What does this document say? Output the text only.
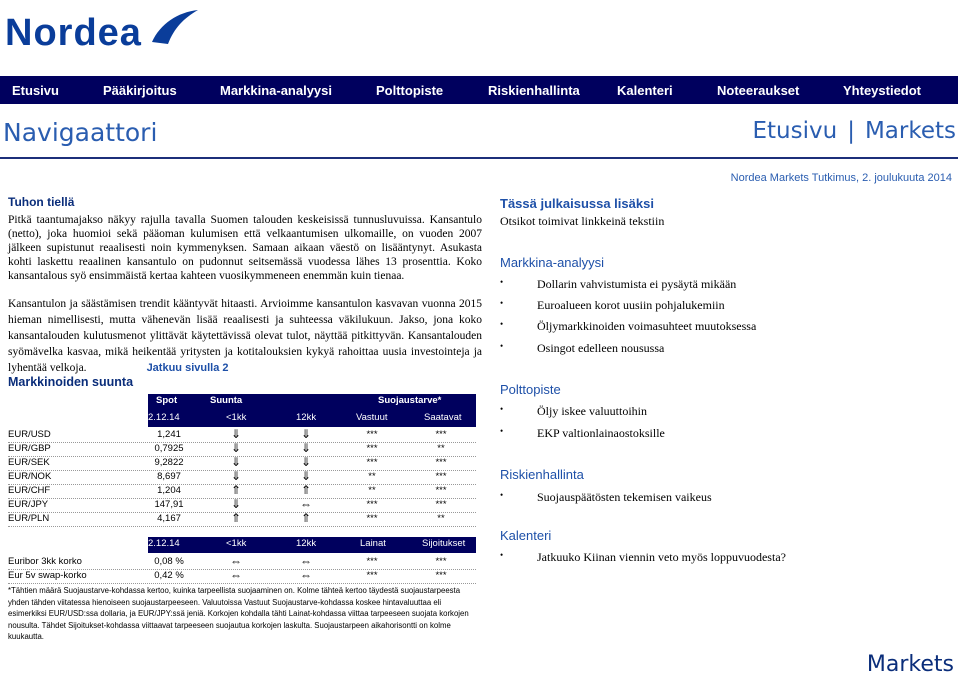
Nordea
Etusivu	Pääkirjoitus	Markkina-analyysi	Polttopiste	Riskienhallinta	Kalenteri	Noteeraukset	Yhteystiedot
Navigaattori	Etusivu | Markets
Nordea Markets Tutkimus, 2. joulukuuta 2014
Tuhon tiellä
Pitkä taantumajakso näkyy rajulla tavalla Suomen talouden keskeisissä tunnusluvuissa. Kansantulo (netto), joka huomioi sekä pääoman kulumisen että velkaantumisen ulkomaille, on vuoden 2007 jälkeen supistunut reaalisesti noin kymmenyksen. Samaan aikaan väestö on lisääntynyt. Asukasta kohti laskettu reaalinen kansantulo on pudonnut seitsemässä vuodessa lähes 13 prosenttia. Koko kansantalous syö ensimmäistä kertaa kahteen vuosikymmeneen enemmän kuin tienaa.
Kansantulon ja säästämisen trendit kääntyvät hitaasti. Arvioimme kansantulon kasvavan vuonna 2015 hieman nimellisesti, mutta vähenevän lisää reaalisesti ja suhteessa väkilukuun. Jakso, jona koko kansantalouden kulutusmenot ylittävät käytettävissä olevat tulot, näyttää pitkittyvän. Kansantalouden syömävelka kasvaa, mikä heikentää yritysten ja kotitalouksien kykyä rahoittaa uusia investointeja ja lyhentää velkoja.	Jatkuu sivulla 2
Markkinoiden suunta
Spot	Suunta	Suojaustarve*
2.12.14	<1kk	12kk	Vastuut	Saatavat
EUR/USD	1,241	⇓	⇓	***	***
EUR/GBP	0,7925	⇓	⇓	***	**
EUR/SEK	9,2822	⇓	⇓	***	***
EUR/NOK	8,697	⇓	⇓	**	***
EUR/CHF	1,204	⇑	⇑	**	***
EUR/JPY	147,91	⇓	⇔	***	***
EUR/PLN	4,167	⇑	⇑	***	**
2.12.14	<1kk	12kk	Lainat	Sijoitukset
Euribor 3kk korko	0,08 %	⇔	⇔	***	***
Eur 5v swap-korko	0,42 %	⇔	⇔	***	***
*Tähtien määrä Suojaustarve-kohdassa kertoo, kuinka tarpeellista suojaaminen on. Kolme tähteä kertoo täydestä suojaustarpeesta yhden tähden viitatessa hienoiseen suojaustarpeeseen. Valuutoissa Vastuut Suojaustarve-kohdassa koskee hintavaluuttaa eli esimerkiksi EUR/USD:ssa dollaria, ja EUR/JPY:ssä jeniä. Korkojen kohdalla tähti Lainat-kohdassa viittaa tarpeeseen suojata korkojen nousulta. Tähdet Sijoitukset-kohdassa viittaavat tarpeeseen suojautua korkojen laskulta. Suojaustarpeen aikahorisontti on kolme kuukautta.
Tässä julkaisussa lisäksi
Otsikot toimivat linkkeinä tekstiin
Markkina-analyysi
•	Dollarin vahvistumista ei pysäytä mikään
•	Euroalueen korot uusiin pohjalukemiin
•	Öljymarkkinoiden voimasuhteet muutoksessa
•	Osingot edelleen nousussa
Polttopiste
•	Öljy iskee valuuttoihin
•	EKP valtionlainaostoksille
Riskienhallinta
•	Suojauspäätösten tekemisen vaikeus
Kalenteri
•	Jatkuuko Kiinan viennin veto myös loppuvuodesta?
Markets
